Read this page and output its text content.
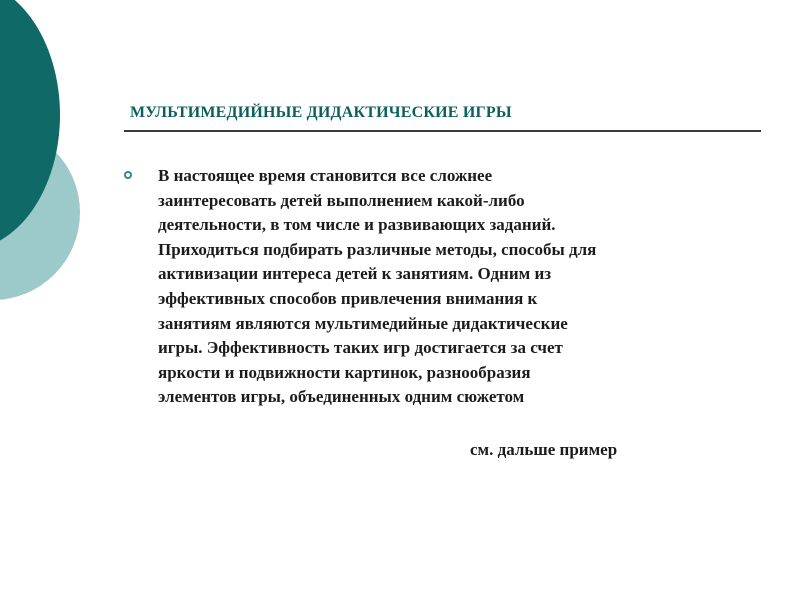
МУЛЬТИМЕДИЙНЫЕ ДИДАКТИЧЕСКИЕ ИГРЫ
В настоящее время становится все сложнее
заинтересовать детей выполнением какой-либо
деятельности, в том числе и развивающих заданий.
Приходиться подбирать различные методы, способы для
активизации интереса детей к занятиям. Одним из
эффективных способов привлечения внимания к
занятиям являются мультимедийные дидактические
игры. Эффективность таких игр достигается за счет
яркости и подвижности картинок, разнообразия
элементов игры, объединенных одним сюжетом
см. дальше пример
